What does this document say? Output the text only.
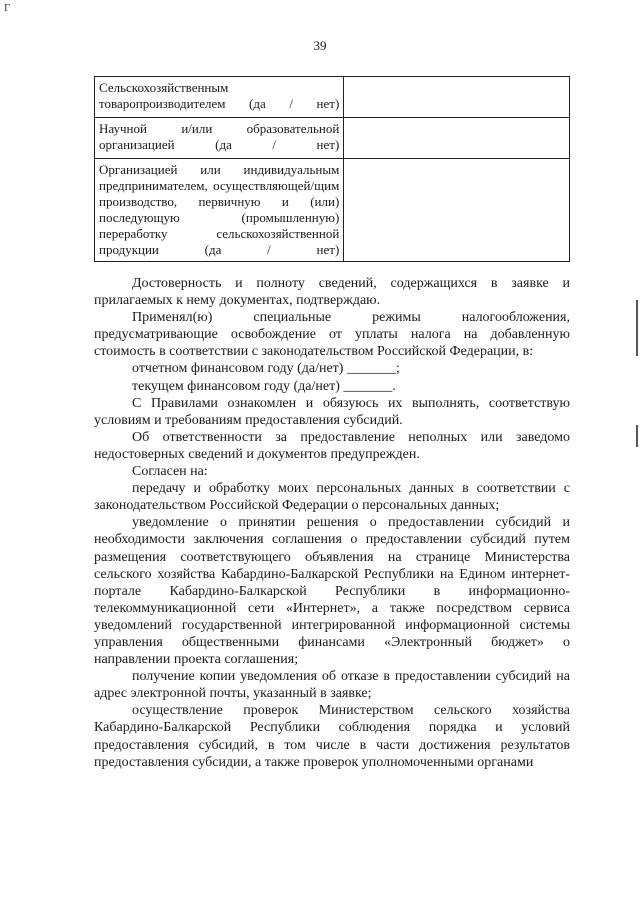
Г
39
Сельскохозяйственным товаропроизводителем (да / нет)	
Научной и/или образовательной организацией (да / нет)	
Организацией или индивидуальным предпринимателем, осуществляющей/щим производство, первичную и (или) последующую (промышленную) переработку сельскохозяйственной продукции (да / нет)	

Достоверность и полноту сведений, содержащихся в заявке и прилагаемых к нему документах, подтверждаю.

Применял(ю) специальные режимы налогообложения, предусматривающие освобождение от уплаты налога на добавленную стоимость в соответствии с законодательством Российской Федерации, в:

отчетном финансовом году (да/нет) _______;

текущем финансовом году (да/нет) _______.

С Правилами ознакомлен и обязуюсь их выполнять, соответствую условиям и требованиям предоставления субсидий.

Об ответственности за предоставление неполных или заведомо недостоверных сведений и документов предупрежден.

Согласен на:

передачу и обработку моих персональных данных в соответствии с законодательством Российской Федерации о персональных данных;

уведомление о принятии решения о предоставлении субсидий и необходимости заключения соглашения о предоставлении субсидий путем размещения соответствующего объявления на странице Министерства сельского хозяйства Кабардино-Балкарской Республики на Едином интернет-портале Кабардино-Балкарской Республики в информационно-телекоммуникационной сети «Интернет», а также посредством сервиса уведомлений государственной интегрированной информационной системы управления общественными финансами «Электронный бюджет» о направлении проекта соглашения;

получение копии уведомления об отказе в предоставлении субсидий на адрес электронной почты, указанный в заявке;

осуществление проверок Министерством сельского хозяйства Кабардино-Балкарской Республики соблюдения порядка и условий предоставления субсидий, в том числе в части достижения результатов предоставления субсидии, а также проверок уполномоченными органами
